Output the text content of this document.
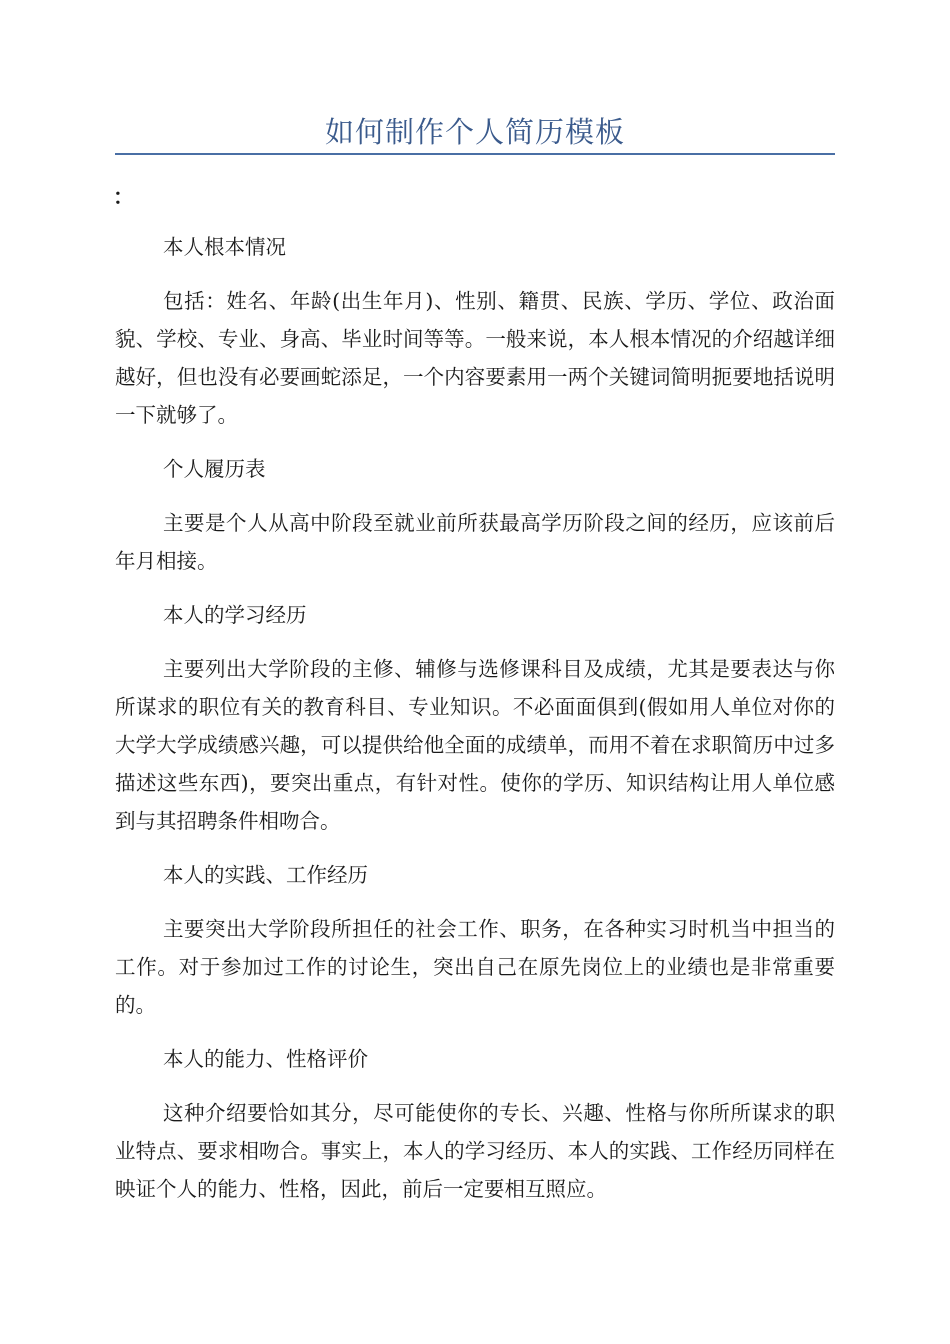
如何制作个人简历模板
：
本人根本情况
包括：姓名、年龄(出生年月)、性别、籍贯、民族、学历、学位、政治面貌、学校、专业、身高、毕业时间等等。一般来说，本人根本情况的介绍越详细越好，但也没有必要画蛇添足，一个内容要素用一两个关键词简明扼要地括说明一下就够了。
个人履历表
主要是个人从高中阶段至就业前所获最高学历阶段之间的经历，应该前后年月相接。
本人的学习经历
主要列出大学阶段的主修、辅修与选修课科目及成绩，尤其是要表达与你所谋求的职位有关的教育科目、专业知识。不必面面俱到(假如用人单位对你的大学大学成绩感兴趣，可以提供给他全面的成绩单，而用不着在求职简历中过多描述这些东西)，要突出重点，有针对性。使你的学历、知识结构让用人单位感到与其招聘条件相吻合。
本人的实践、工作经历
主要突出大学阶段所担任的社会工作、职务，在各种实习时机当中担当的工作。对于参加过工作的讨论生，突出自己在原先岗位上的业绩也是非常重要的。
本人的能力、性格评价
这种介绍要恰如其分，尽可能使你的专长、兴趣、性格与你所所谋求的职业特点、要求相吻合。事实上，本人的学习经历、本人的实践、工作经历同样在映证个人的能力、性格，因此，前后一定要相互照应。
